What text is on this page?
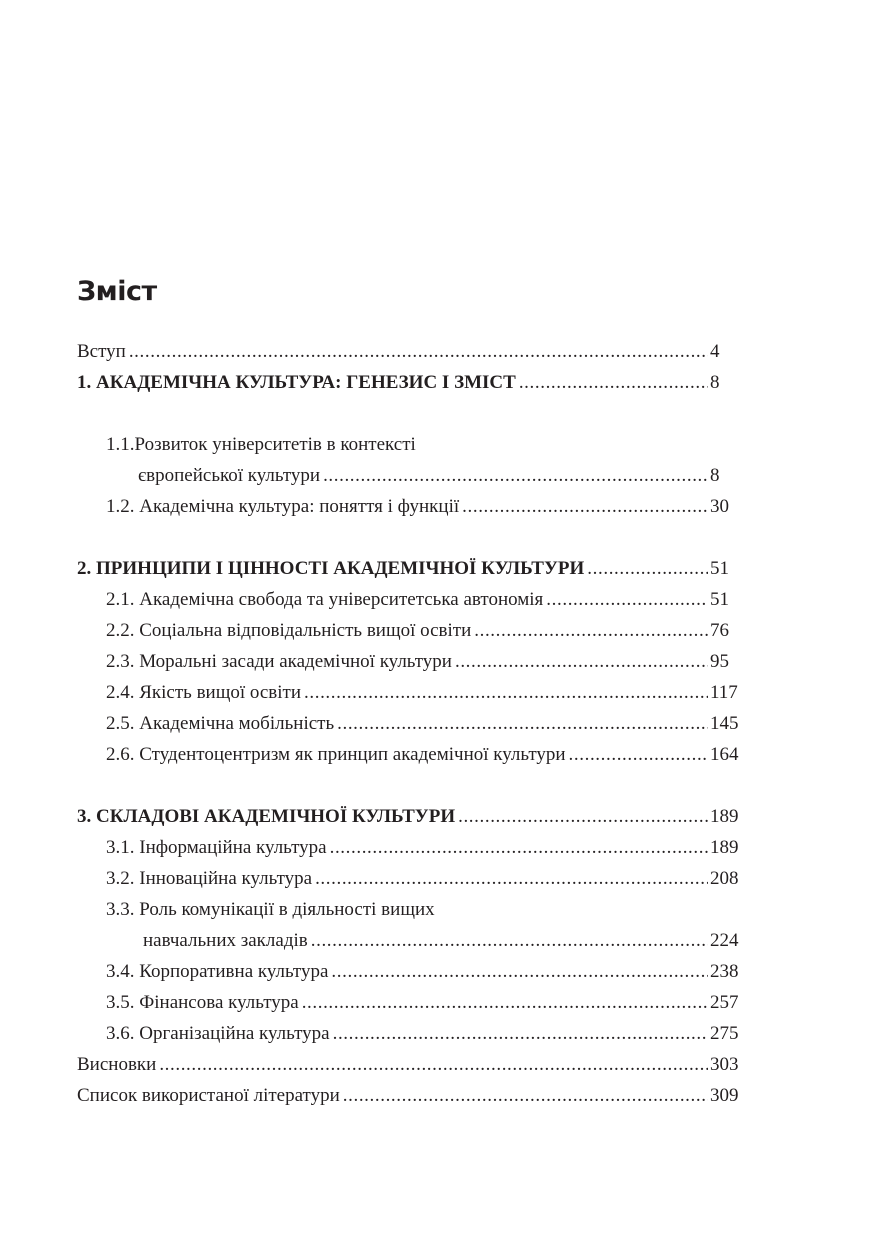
Зміст
Вступ .....	4
1. АКАДЕМІЧНА КУЛЬТУРА: ГЕНЕЗИС І ЗМІСТ .....	8
1.1.Розвиток університетів в контексті
європейської культури .....	8
1.2. Академічна культура: поняття і функції .....	30
2. ПРИНЦИПИ І ЦІННОСТІ АКАДЕМІЧНОЇ КУЛЬТУРИ .....	51
2.1. Академічна свобода та університетська автономія .....	51
2.2. Соціальна відповідальність вищої освіти .....	76
2.3. Моральні засади академічної культури .....	95
2.4. Якість вищої освіти .....	117
2.5. Академічна мобільність .....	145
2.6. Студентоцентризм як принцип академічної культури .....	164
3. СКЛАДОВІ АКАДЕМІЧНОЇ КУЛЬТУРИ .....	189
3.1. Інформаційна культура .....	189
3.2. Інноваційна культура .....	208
3.3. Роль комунікації в діяльності вищих
навчальних закладів .....	224
3.4. Корпоративна культура .....	238
3.5. Фінансова культура .....	257
3.6. Організаційна культура .....	275
Висновки .....	303
Список використаної літератури .....	309
